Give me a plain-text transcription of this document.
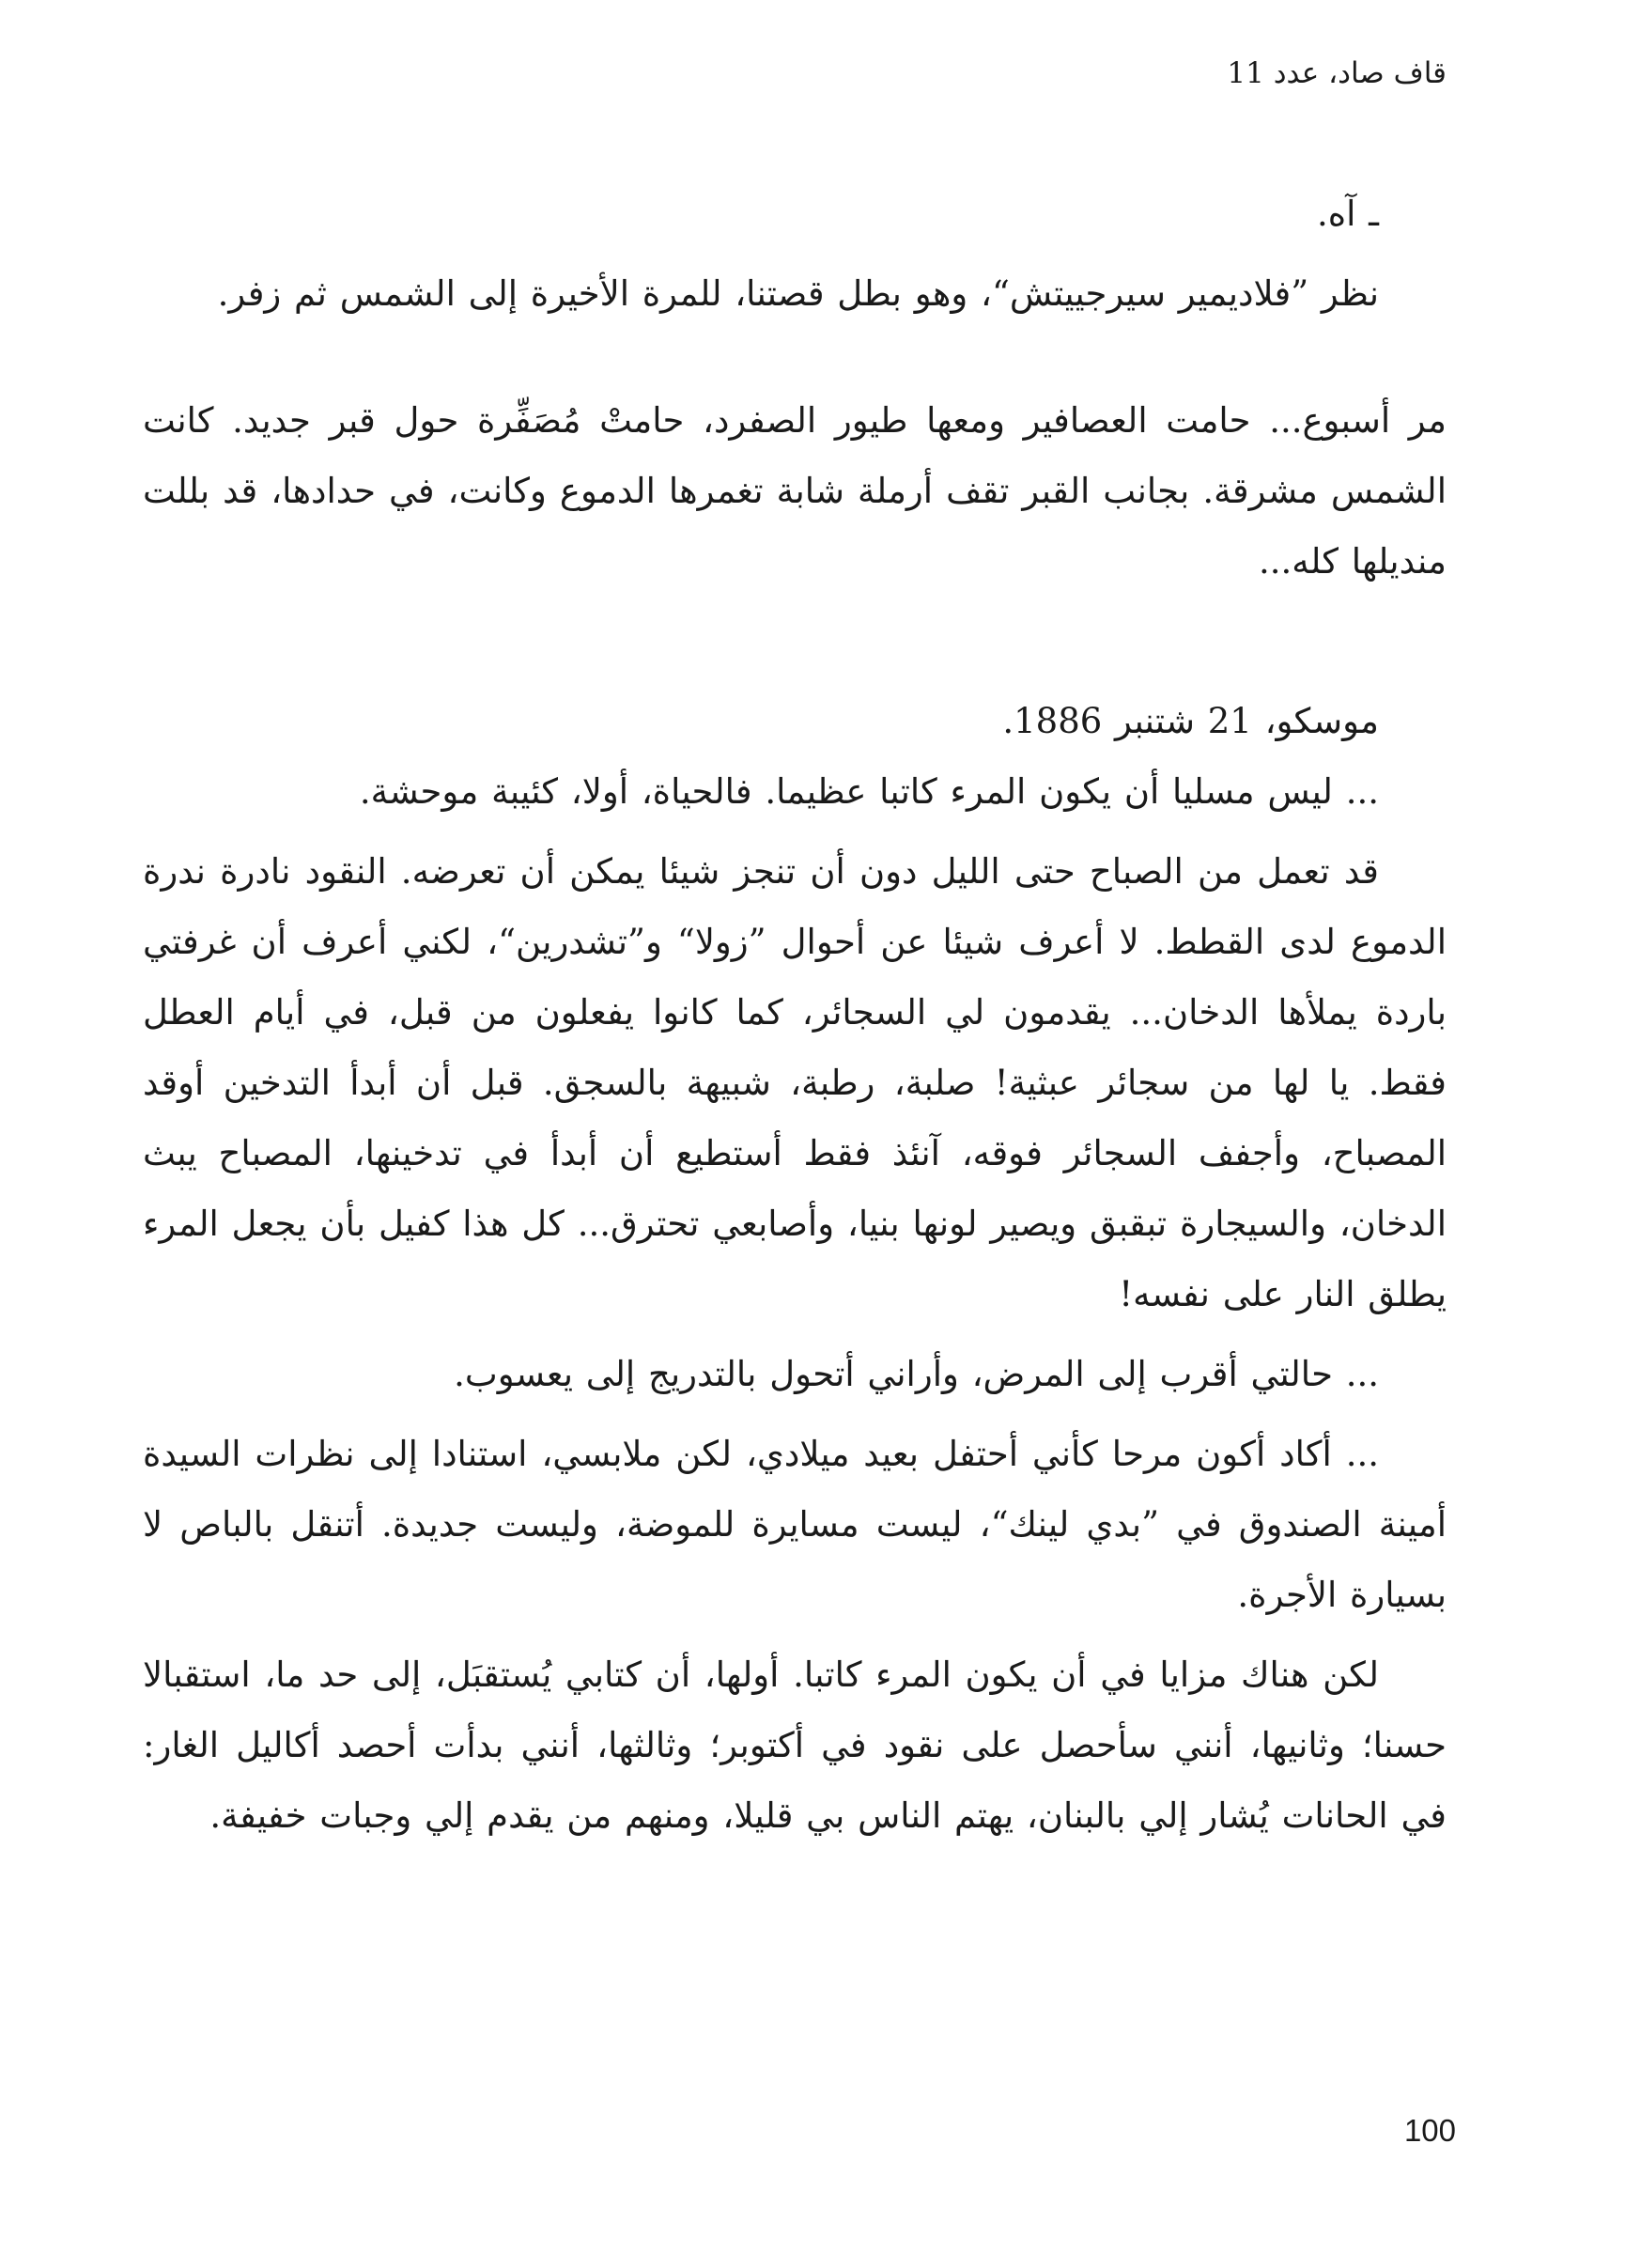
قاف صاد، عدد 11

ـ آه.

نظر ”فلاديمير سيرجييتش“، وهو بطل قصتنا، للمرة الأخيرة إلى الشمس ثم زفر.

مر أسبوع... حامت العصافير ومعها طيور الصفرد، حامتْ مُصَفِّرة حول قبر جديد. كانت الشمس مشرقة. بجانب القبر تقف أرملة شابة تغمرها الدموع وكانت، في حدادها، قد بللت منديلها كله...

موسكو، 21 شتنبر 1886.

... ليس مسليا أن يكون المرء كاتبا عظيما. فالحياة، أولا، كئيبة موحشة.

قد تعمل من الصباح حتى الليل دون أن تنجز شيئا يمكن أن تعرضه. النقود نادرة ندرة الدموع لدى القطط. لا أعرف شيئا عن أحوال ”زولا“ و”تشدرين“، لكني أعرف أن غرفتي باردة يملأها الدخان... يقدمون لي السجائر، كما كانوا يفعلون من قبل، في أيام العطل فقط. يا لها من سجائر عبثية! صلبة، رطبة، شبيهة بالسجق. قبل أن أبدأ التدخين أوقد المصباح، وأجفف السجائر فوقه، آنئذ فقط أستطيع أن أبدأ في تدخينها، المصباح يبث الدخان، والسيجارة تبقبق ويصير لونها بنيا، وأصابعي تحترق... كل هذا كفيل بأن يجعل المرء يطلق النار على نفسه!

... حالتي أقرب إلى المرض، وأراني أتحول بالتدريج إلى يعسوب.

... أكاد أكون مرحا كأني أحتفل بعيد ميلادي، لكن ملابسي، استنادا إلى نظرات السيدة أمينة الصندوق في ”بدي لينك“، ليست مسايرة للموضة، وليست جديدة. أتنقل بالباص لا بسيارة الأجرة.

لكن هناك مزايا في أن يكون المرء كاتبا. أولها، أن كتابي يُستقبَل، إلى حد ما، استقبالا حسنا؛ وثانيها، أنني سأحصل على نقود في أكتوبر؛ وثالثها، أنني بدأت أحصد أكاليل الغار: في الحانات يُشار إلي بالبنان، يهتم الناس بي قليلا، ومنهم من يقدم إلي وجبات خفيفة.

100
